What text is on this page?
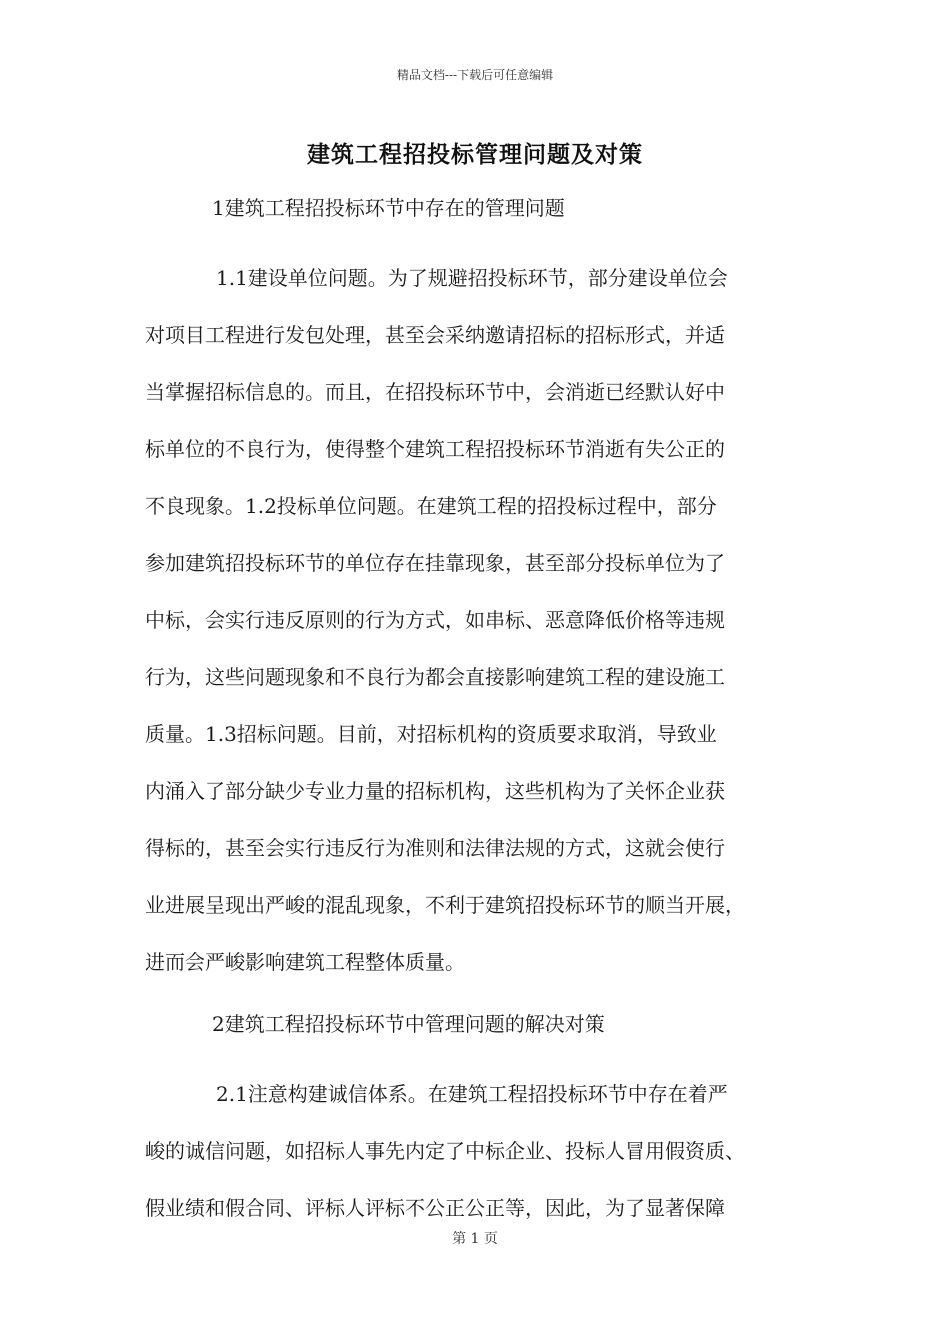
精品文档---下载后可任意编辑
建筑工程招投标管理问题及对策
1建筑工程招投标环节中存在的管理问题
1.1建设单位问题。为了规避招投标环节，部分建设单位会
对项目工程进行发包处理，甚至会采纳邀请招标的招标形式，并适
当掌握招标信息的。而且，在招投标环节中，会消逝已经默认好中
标单位的不良行为，使得整个建筑工程招投标环节消逝有失公正的
不良现象。1.2投标单位问题。在建筑工程的招投标过程中，部分
参加建筑招投标环节的单位存在挂靠现象，甚至部分投标单位为了
中标，会实行违反原则的行为方式，如串标、恶意降低价格等违规
行为，这些问题现象和不良行为都会直接影响建筑工程的建设施工
质量。1.3招标问题。目前，对招标机构的资质要求取消，导致业
内涌入了部分缺少专业力量的招标机构，这些机构为了关怀企业获
得标的，甚至会实行违反行为准则和法律法规的方式，这就会使行
业进展呈现出严峻的混乱现象，不利于建筑招投标环节的顺当开展，
进而会严峻影响建筑工程整体质量。
2建筑工程招投标环节中管理问题的解决对策
2.1注意构建诚信体系。在建筑工程招投标环节中存在着严
峻的诚信问题，如招标人事先内定了中标企业、投标人冒用假资质、
假业绩和假合同、评标人评标不公正公正等，因此，为了显著保障
第 1 页
